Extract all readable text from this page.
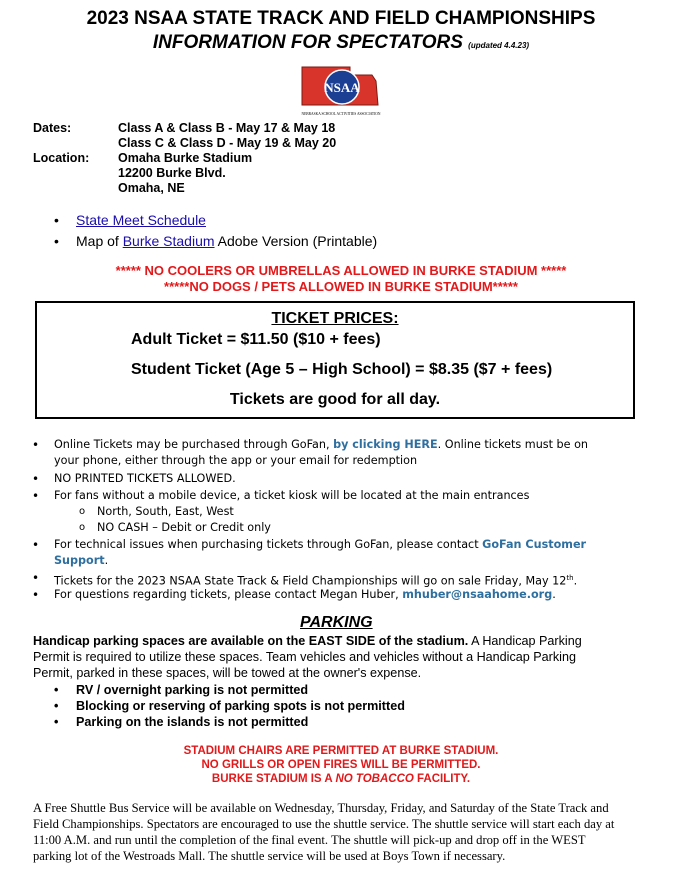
2023 NSAA STATE TRACK AND FIELD CHAMPIONSHIPS
INFORMATION FOR SPECTATORS (updated 4.4.23)
NSAA
NEBRASKA SCHOOL ACTIVITIES ASSOCIATION
Dates:	Class A & Class B - May 17 & May 18
Class C & Class D - May 19 & May 20
Location: Omaha Burke Stadium
12200 Burke Blvd.
Omaha, NE
• State Meet Schedule
• Map of Burke Stadium Adobe Version (Printable)
***** NO COOLERS OR UMBRELLAS ALLOWED IN BURKE STADIUM *****
*****NO DOGS / PETS ALLOWED IN BURKE STADIUM*****
TICKET PRICES:
Adult Ticket = $11.50 ($10 + fees)
Student Ticket (Age 5 – High School) = $8.35 ($7 + fees)
Tickets are good for all day.
• Online Tickets may be purchased through GoFan, by clicking HERE. Online tickets must be on
your phone, either through the app or your email for redemption
• NO PRINTED TICKETS ALLOWED.
• For fans without a mobile device, a ticket kiosk will be located at the main entrances
o North, South, East, West
o NO CASH – Debit or Credit only
• For technical issues when purchasing tickets through GoFan, please contact GoFan Customer
Support.
• Tickets for the 2023 NSAA State Track & Field Championships will go on sale Friday, May 12th.
• For questions regarding tickets, please contact Megan Huber, mhuber@nsaahome.org.
PARKING
Handicap parking spaces are available on the EAST SIDE of the stadium. A Handicap Parking
Permit is required to utilize these spaces. Team vehicles and vehicles without a Handicap Parking
Permit, parked in these spaces, will be towed at the owner's expense.
• RV / overnight parking is not permitted
• Blocking or reserving of parking spots is not permitted
• Parking on the islands is not permitted
STADIUM CHAIRS ARE PERMITTED AT BURKE STADIUM.
NO GRILLS OR OPEN FIRES WILL BE PERMITTED.
BURKE STADIUM IS A NO TOBACCO FACILITY.
A Free Shuttle Bus Service will be available on Wednesday, Thursday, Friday, and Saturday of the State Track and
Field Championships. Spectators are encouraged to use the shuttle service. The shuttle service will start each day at
11:00 A.M. and run until the completion of the final event. The shuttle will pick-up and drop off in the WEST
parking lot of the Westroads Mall. The shuttle service will be used at Boys Town if necessary.
